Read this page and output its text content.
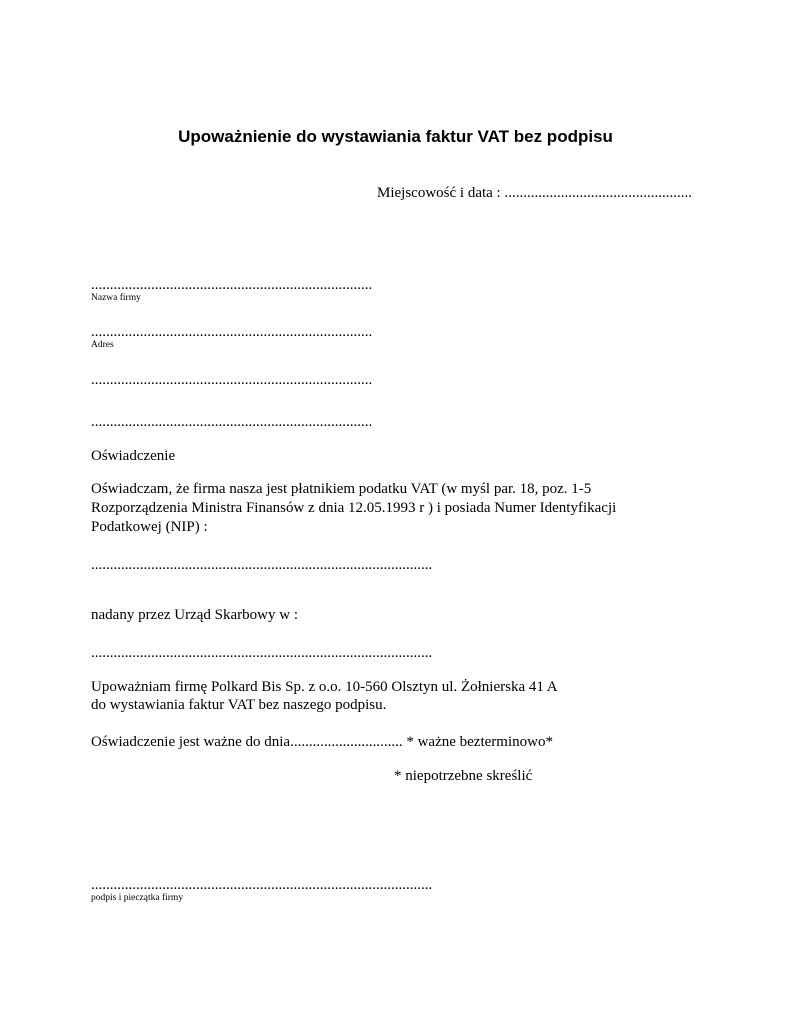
Upoważnienie do wystawiania faktur VAT bez podpisu
Miejscowość i data : ..................................................
...........................................................................
Nazwa firmy
...........................................................................
Adres
...........................................................................
...........................................................................
Oświadczenie
Oświadczam, że firma nasza jest płatnikiem podatku VAT (w myśl par. 18, poz. 1-5
Rozporządzenia Ministra Finansów z dnia 12.05.1993 r ) i posiada Numer Identyfikacji
Podatkowej (NIP) :
...........................................................................................
nadany przez Urząd Skarbowy w :
...........................................................................................
Upoważniam firmę Polkard Bis Sp. z o.o. 10-560 Olsztyn ul. Żołnierska 41 A
do wystawiania faktur VAT bez naszego podpisu.
Oświadczenie jest ważne do dnia.............................. * ważne bezterminowo*
* niepotrzebne skreślić
...........................................................................................
podpis i pieczątka firmy
